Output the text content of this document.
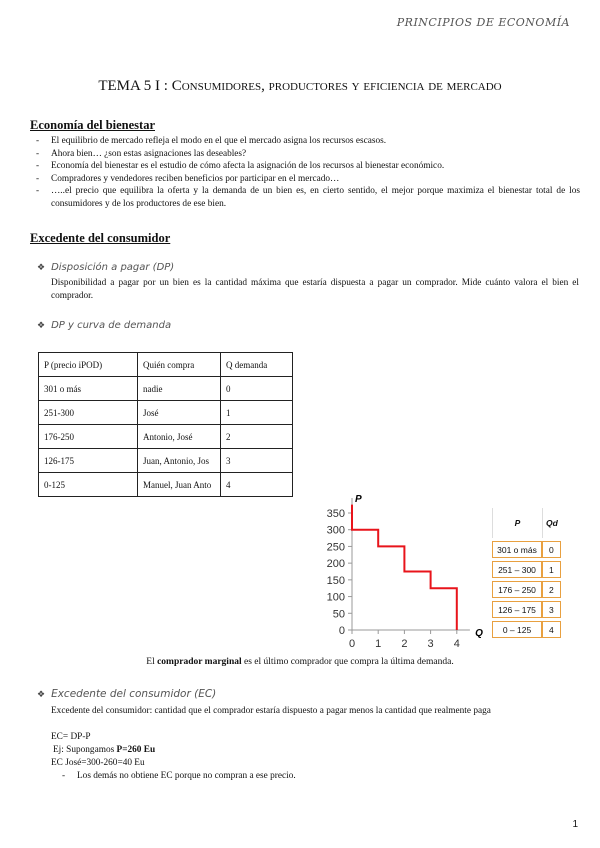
PRINCIPIOS DE ECONOMÍA
TEMA 5 I : Consumidores, productores y eficiencia de mercado
Economía del bienestar
- El equilibrio de mercado refleja el modo en el que el mercado asigna los recursos escasos.
- Ahora bien… ¿son estas asignaciones las deseables?
- Economía del bienestar es el estudio de cómo afecta la asignación de los recursos al bienestar económico.
- Compradores y vendedores reciben beneficios por participar en el mercado…
- …..el precio que equilibra la oferta y la demanda de un bien es, en cierto sentido, el mejor porque maximiza el bienestar total de los consumidores y de los productores de ese bien.
Excedente del consumidor
❖ Disposición a pagar (DP)
Disponibilidad a pagar por un bien es la cantidad máxima que estaría dispuesta a pagar un comprador. Mide cuánto valora el bien el comprador.
❖ DP y curva de demanda
P (precio iPOD)	Quién compra	Q demanda
301 o más	nadie	0
251-300	José	1
176-250	Antonio, José	2
126-175	Juan, Antonio, Jos	3
0-125	Manuel, Juan Anto	4
0
50
100
150
200
250
300
350
0 1 2 3 4
P
Q
P	Qd
301 o más	0
251 – 300	1
176 – 250	2
126 – 175	3
0 – 125	4
El comprador marginal es el último comprador que compra la última demanda.
❖ Excedente del consumidor (EC)
Excedente del consumidor: cantidad que el comprador estaría dispuesto a pagar menos la cantidad que realmente paga
EC= DP-P
Ej: Supongamos P=260 Eu
EC José=300-260=40 Eu
- Los demás no obtiene EC porque no compran a ese precio.
1
